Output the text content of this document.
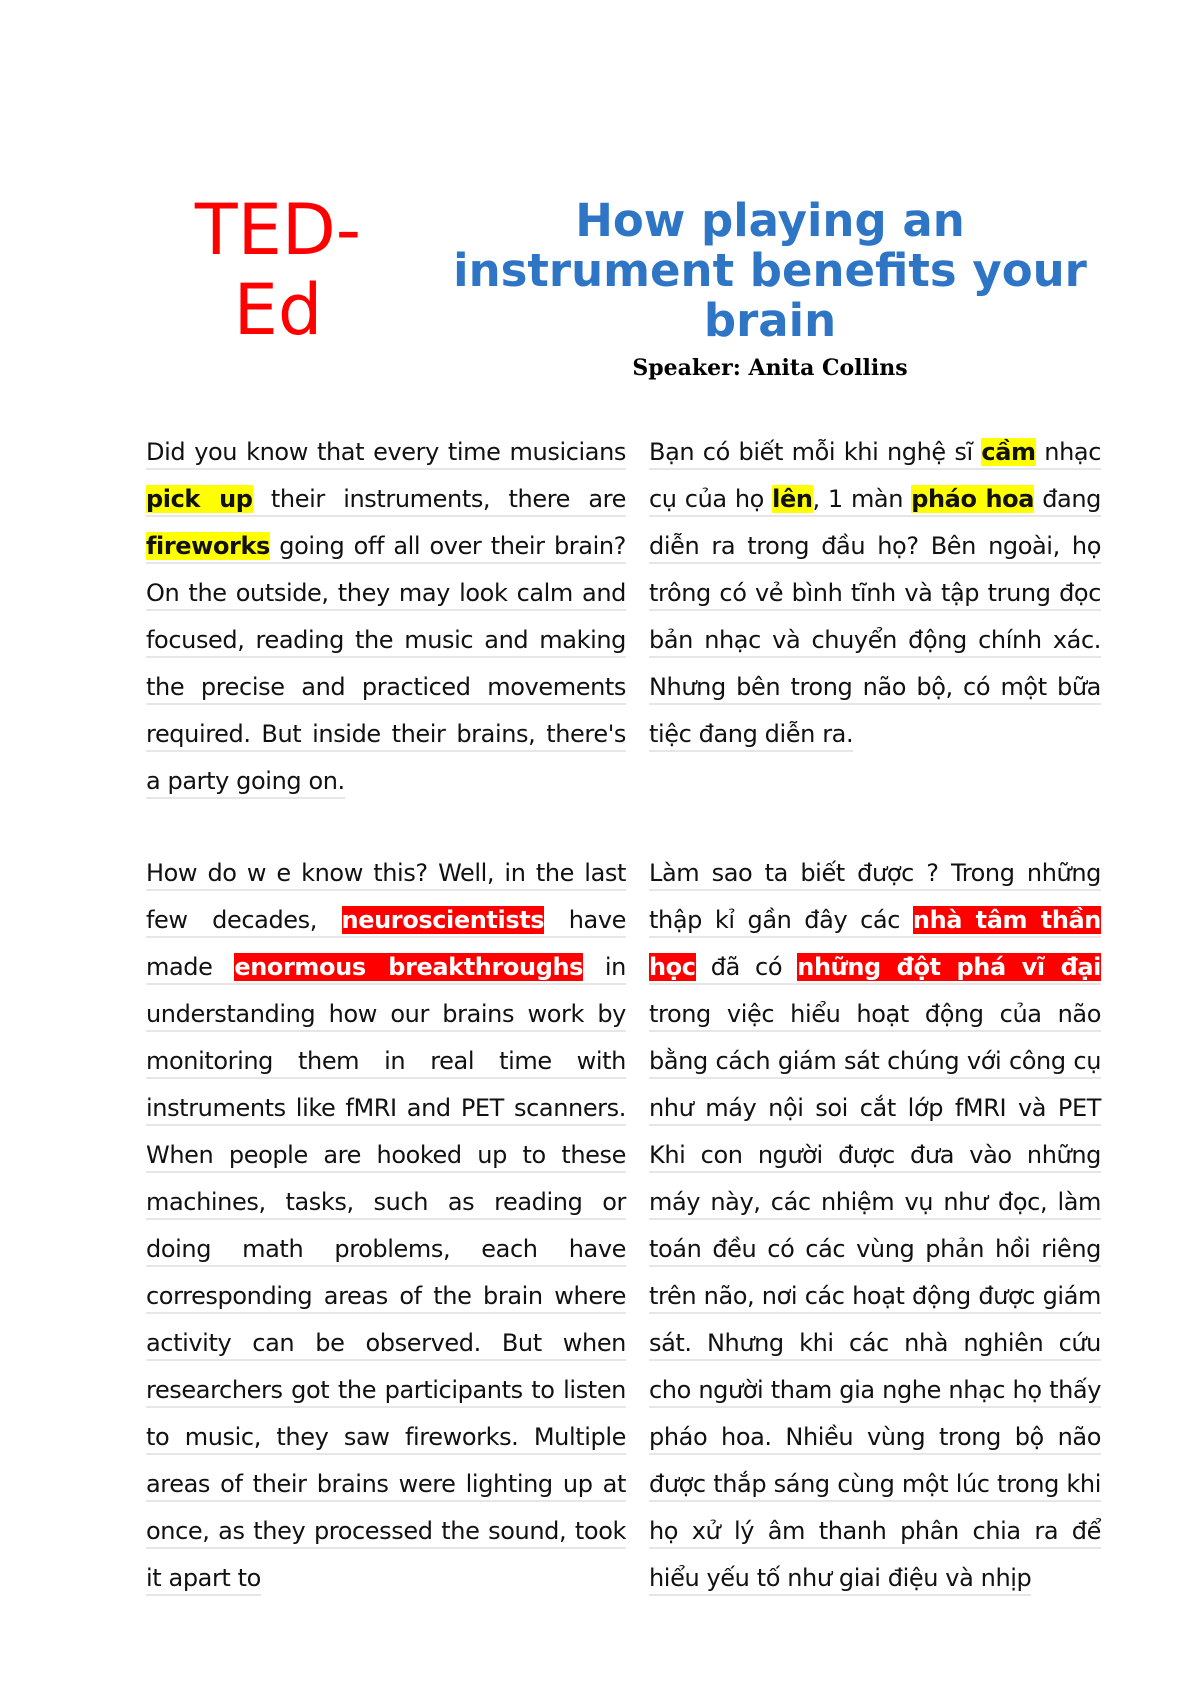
TED-Ed
How playing an instrument benefits your brain
Speaker: Anita Collins
Did you know that every time musicians pick up their instruments, there are fireworks going off all over their brain? On the outside, they may look calm and focused, reading the music and making the precise and practiced movements required. But inside their brains, there's a party going on.
Bạn có biết mỗi khi nghệ sĩ cầm nhạc cụ của họ lên, 1 màn pháo hoa đang diễn ra trong đầu họ? Bên ngoài, họ trông có vẻ bình tĩnh và tập trung đọc bản nhạc và chuyển động chính xác. Nhưng bên trong não bộ, có một bữa tiệc đang diễn ra.
How do w e know this? Well, in the last few decades, neuroscientists have made enormous breakthroughs in understanding how our brains work by monitoring them in real time with instruments like fMRI and PET scanners. When people are hooked up to these machines, tasks, such as reading or doing math problems, each have corresponding areas of the brain where activity can be observed. But when researchers got the participants to listen to music, they saw fireworks. Multiple areas of their brains were lighting up at once, as they processed the sound, took it apart to
Làm sao ta biết được ? Trong những thập kỉ gần đây các nhà tâm thần học đã có những đột phá vĩ đại trong việc hiểu hoạt động của não bằng cách giám sát chúng với công cụ như máy nội soi cắt lớp fMRI và PET Khi con người được đưa vào những máy này, các nhiệm vụ như đọc, làm toán đều có các vùng phản hồi riêng trên não, nơi các hoạt động được giám sát. Nhưng khi các nhà nghiên cứu cho người tham gia nghe nhạc họ thấy pháo hoa. Nhiều vùng trong bộ não được thắp sáng cùng một lúc trong khi họ xử lý âm thanh phân chia ra để hiểu yếu tố như giai điệu và nhịp
